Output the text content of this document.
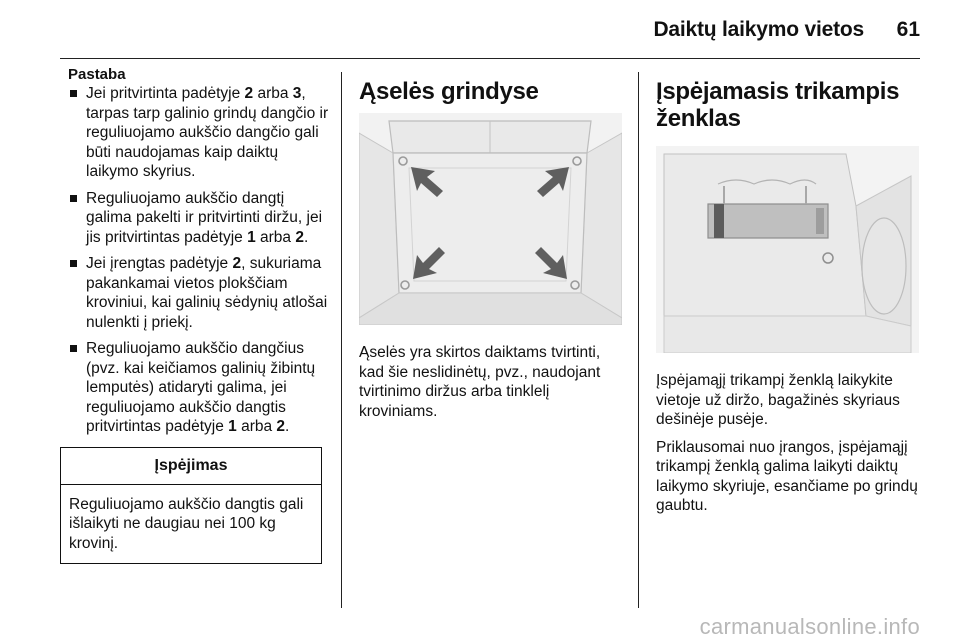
Daiktų laikymo vietos 61
Pastaba
Jei pritvirtinta padėtyje 2 arba 3, tarpas tarp galinio grindų dangčio ir reguliuojamo aukščio dangčio gali būti naudojamas kaip daiktų laikymo skyrius.
Reguliuojamo aukščio dangtį galima pakelti ir pritvirtinti diržu, jei jis pritvirtintas padėtyje 1 arba 2.
Jei įrengtas padėtyje 2, sukuriama pakankamai vietos plokščiam kroviniui, kai galinių sėdynių atlošai nulenkti į priekį.
Reguliuojamo aukščio dangčius (pvz. kai keičiamos galinių žibintų lemputės) atidaryti galima, jei reguliuojamo aukščio dangtis pritvirtintas padėtyje 1 arba 2.
Įspėjimas
Reguliuojamo aukščio dangtis gali išlaikyti ne daugiau nei 100 kg krovinį.
Ąselės grindyse

Ąselės yra skirtos daiktams tvirtinti, kad šie neslidinėtų, pvz., naudojant tvirtinimo diržus arba tinklelį kroviniams.

Įspėjamasis trikampis ženklas

Įspėjamąjį trikampį ženklą laikykite vietoje už diržo, bagažinės skyriaus dešinėje pusėje.

Priklausomai nuo įrangos, įspėjamąjį trikampį ženklą galima laikyti daiktų laikymo skyriuje, esančiame po grindų gaubtu.

carmanualsonline.info
